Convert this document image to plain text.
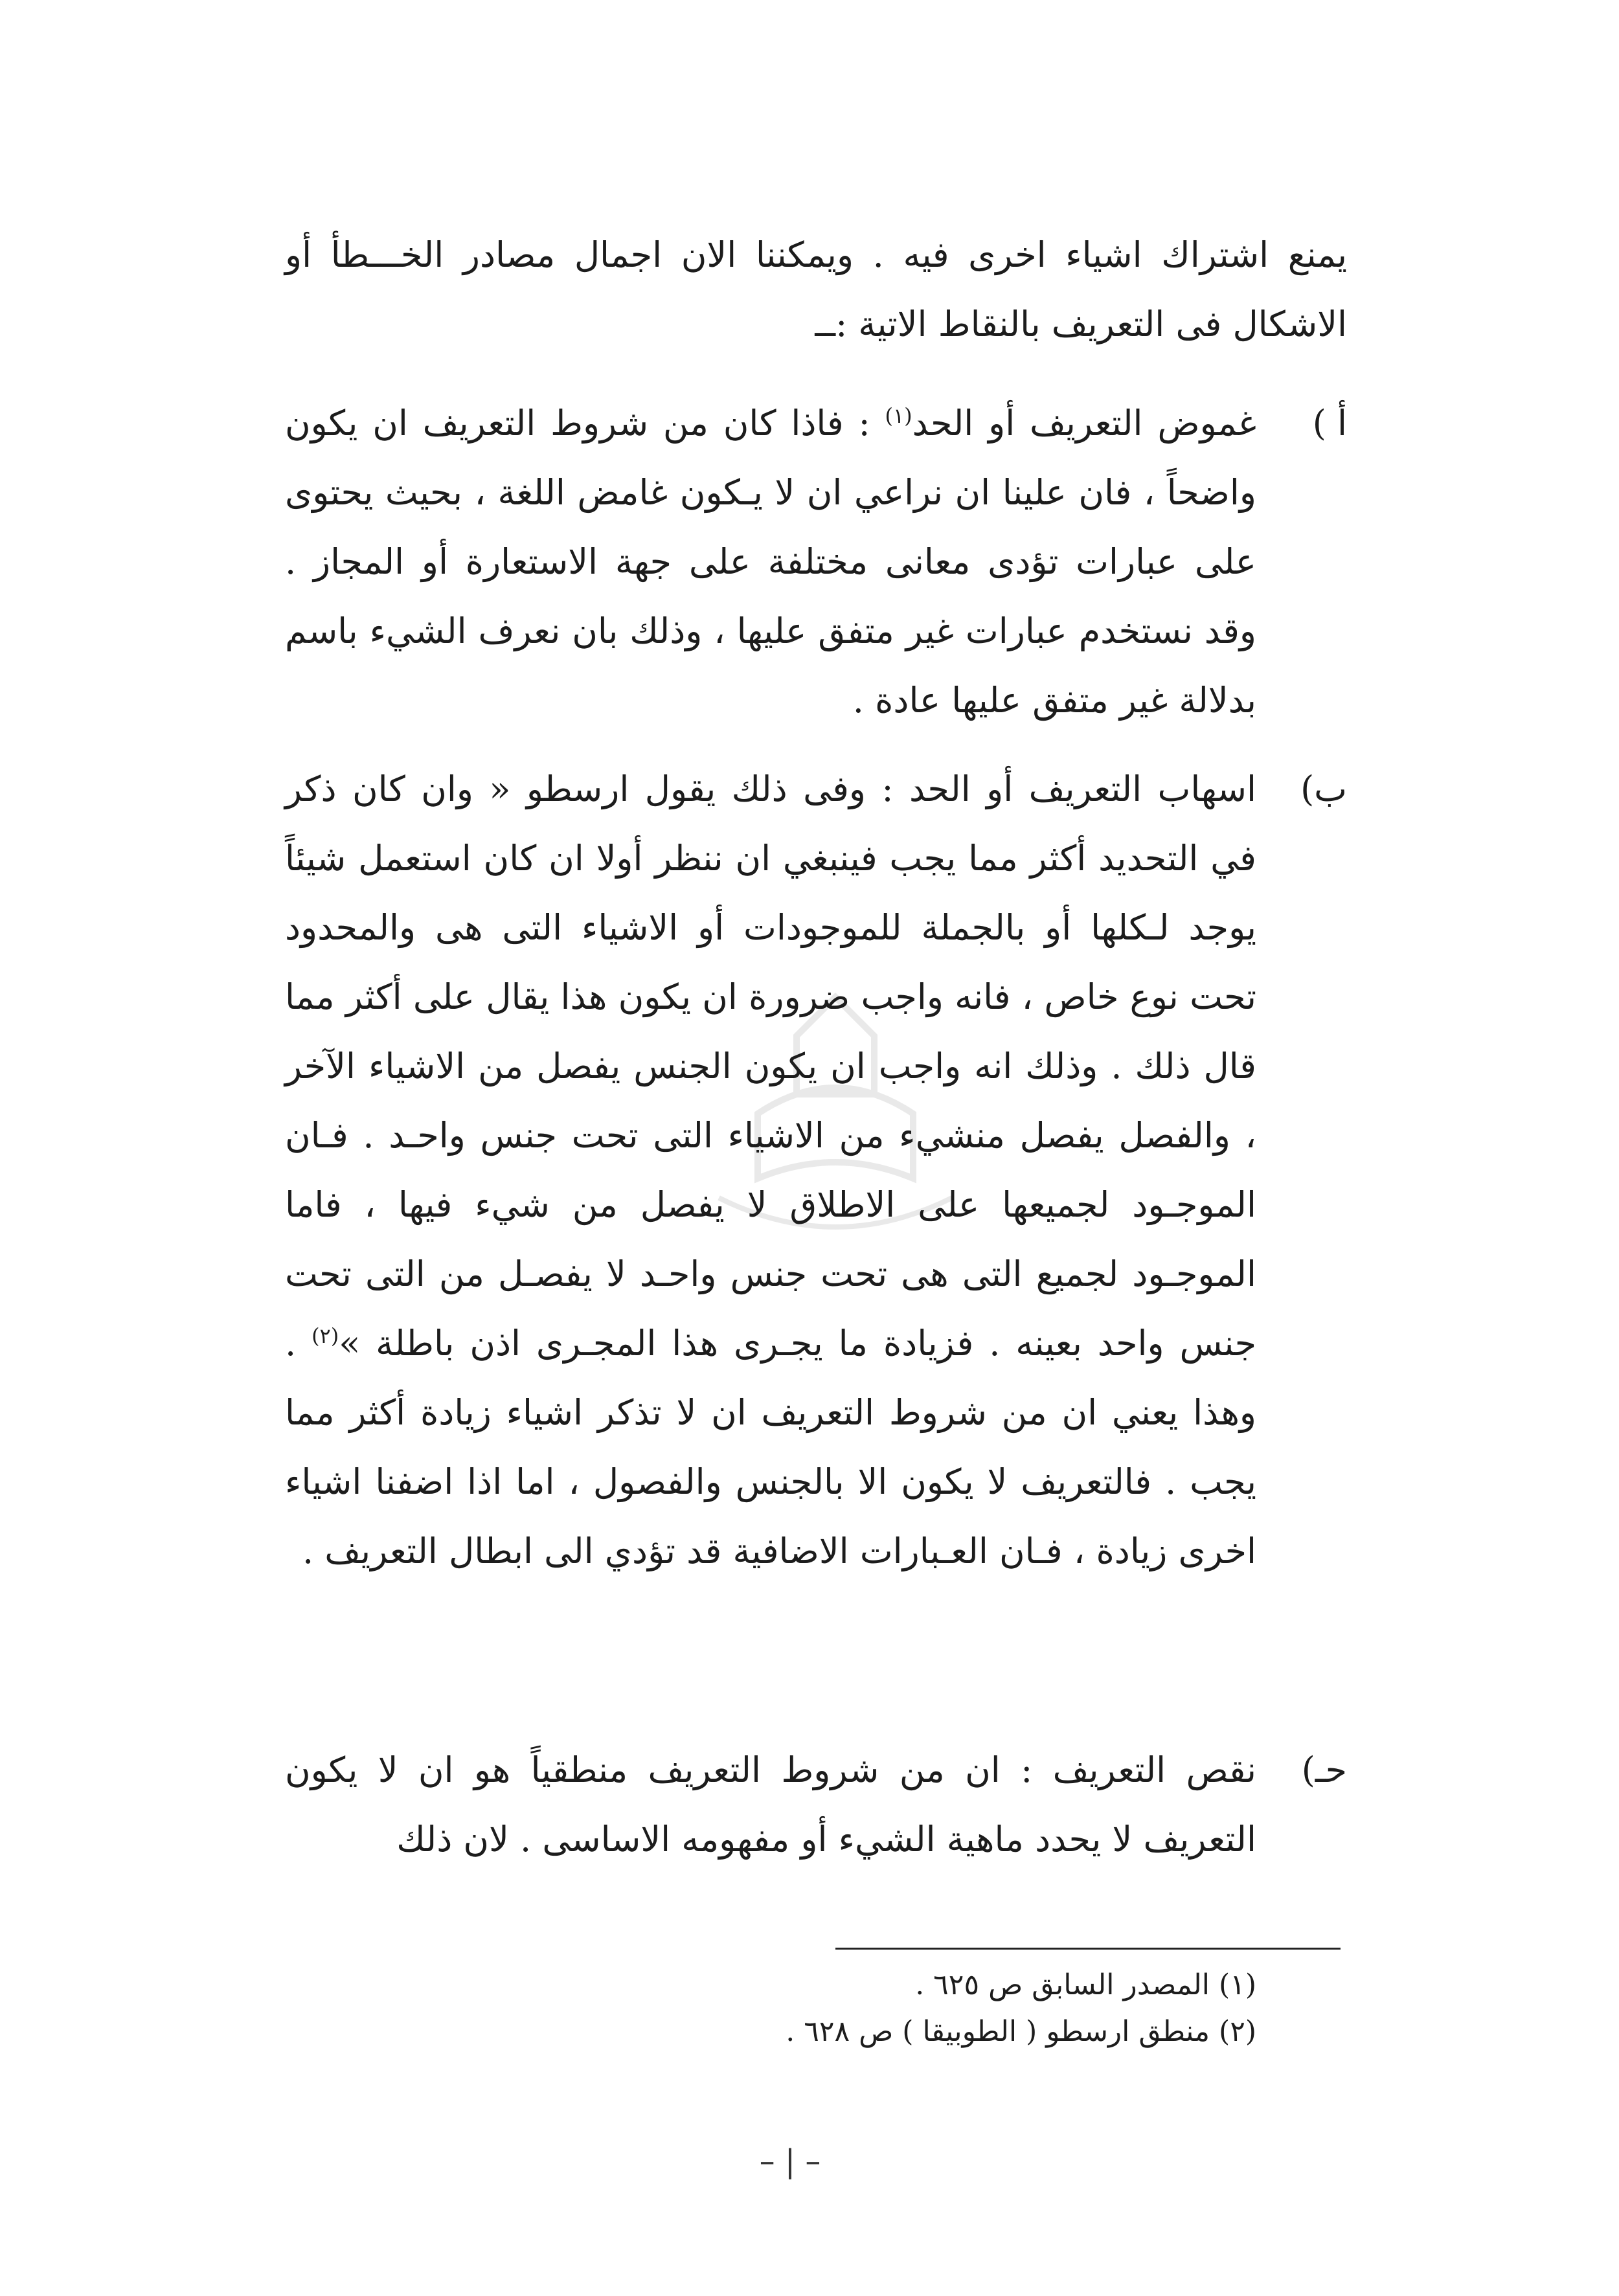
يمنع اشتراك اشياء اخرى فيه . ويمكننا الان اجمال مصادر الخـــطأ أو الاشكال فى التعريف بالنقاط الاتية :ــ
أ )
غموض التعريف أو الحد$^{(١)}$ : فاذا كان من شروط التعريف ان يكون واضحاً ، فان علينا ان نراعي ان لا يـكون غامض اللغة ، بحيث يحتوى على عبارات تؤدى معانى مختلفة على جهة الاستعارة أو المجاز . وقد نستخدم عبارات غير متفق عليها ، وذلك بان نعرف الشيء باسم بدلالة غير متفق عليها عادة .
ب)
اسهاب التعريف أو الحد : وفى ذلك يقول ارسطو « وان كان ذكر في التحديد أكثر مما يجب فينبغي ان ننظر أولا ان كان استعمل شيئاً يوجد لـكلها أو بالجملة للموجودات أو الاشياء التى هى والمحدود تحت نوع خاص ، فانه واجب ضرورة ان يكون هذا يقال على أكثر مما قال ذلك . وذلك انه واجب ان يكون الجنس يفصل من الاشياء الآخر ، والفصل يفصل منشيء من الاشياء التى تحت جنس واحـد . فـان الموجـود لجميعها على الاطلاق لا يفصل من شيء فيها ، فاما الموجـود لجميع التى هى تحت جنس واحـد لا يفصـل من التى تحت جنس واحد بعينه . فزيادة ما يجـرى هذا المجـرى اذن باطلة »$^{(٢)}$ . وهذا يعني ان من شروط التعريف ان لا تذكر اشياء زيادة أكثر مما يجب . فالتعريف لا يكون الا بالجنس والفصول ، اما اذا اضفنا اشياء اخرى زيادة ، فـان العـبارات الاضافية قد تؤدي الى ابطال التعريف .
حـ)
نقص التعريف : ان من شروط التعريف منطقياً هو ان لا يكون التعريف لا يحدد ماهية الشيء أو مفهومه الاساسى . لان ذلك
(١) المصدر السابق ص ٦٢٥ .
(٢) منطق ارسطو ( الطوبيقا ) ص ٦٢٨ .
– | –
